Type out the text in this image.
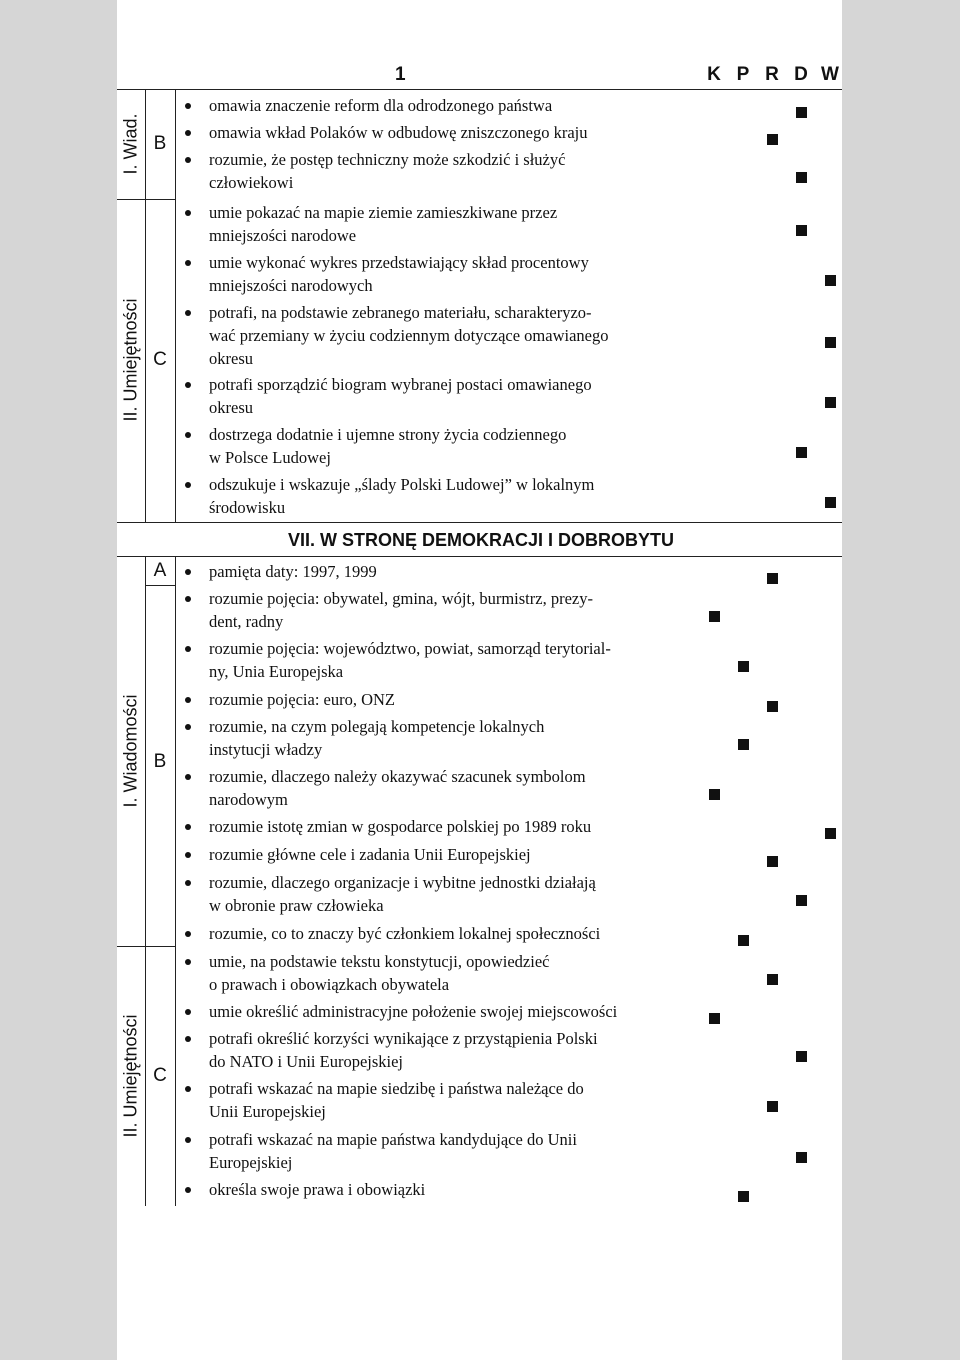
1	K P R D W
I. Wiad.
II. Umiejętności
B
C
omawia znaczenie reform dla odrodzonego państwa
omawia wkład Polaków w odbudowę zniszczonego kraju
rozumie, że postęp techniczny może szkodzić i służyć
człowiekowi
umie pokazać na mapie ziemie zamieszkiwane przez
mniejszości narodowe
umie wykonać wykres przedstawiający skład procentowy
mniejszości narodowych
potrafi, na podstawie zebranego materiału, scharakteryzo-
wać przemiany w życiu codziennym dotyczące omawianego
okresu
potrafi sporządzić biogram wybranej postaci omawianego
okresu
dostrzega dodatnie i ujemne strony życia codziennego
w Polsce Ludowej
odszukuje i wskazuje „ślady Polski Ludowej” w lokalnym
środowisku
VII. W STRONĘ DEMOKRACJI I DOBROBYTU
I. Wiadomości
II. Umiejętności
A
B
C
pamięta daty: 1997, 1999
rozumie pojęcia: obywatel, gmina, wójt, burmistrz, prezy-
dent, radny
rozumie pojęcia: województwo, powiat, samorząd terytorial-
ny, Unia Europejska
rozumie pojęcia: euro, ONZ
rozumie, na czym polegają kompetencje lokalnych
instytucji władzy
rozumie, dlaczego należy okazywać szacunek symbolom
narodowym
rozumie istotę zmian w gospodarce polskiej po 1989 roku
rozumie główne cele i zadania Unii Europejskiej
rozumie, dlaczego organizacje i wybitne jednostki działają
w obronie praw człowieka
rozumie, co to znaczy być członkiem lokalnej społeczności
umie, na podstawie tekstu konstytucji, opowiedzieć
o prawach i obowiązkach obywatela
umie określić administracyjne położenie swojej miejscowości
potrafi określić korzyści wynikające z przystąpienia Polski
do NATO i Unii Europejskiej
potrafi wskazać na mapie siedzibę i państwa należące do
Unii Europejskiej
potrafi wskazać na mapie państwa kandydujące do Unii
Europejskiej
określa swoje prawa i obowiązki
